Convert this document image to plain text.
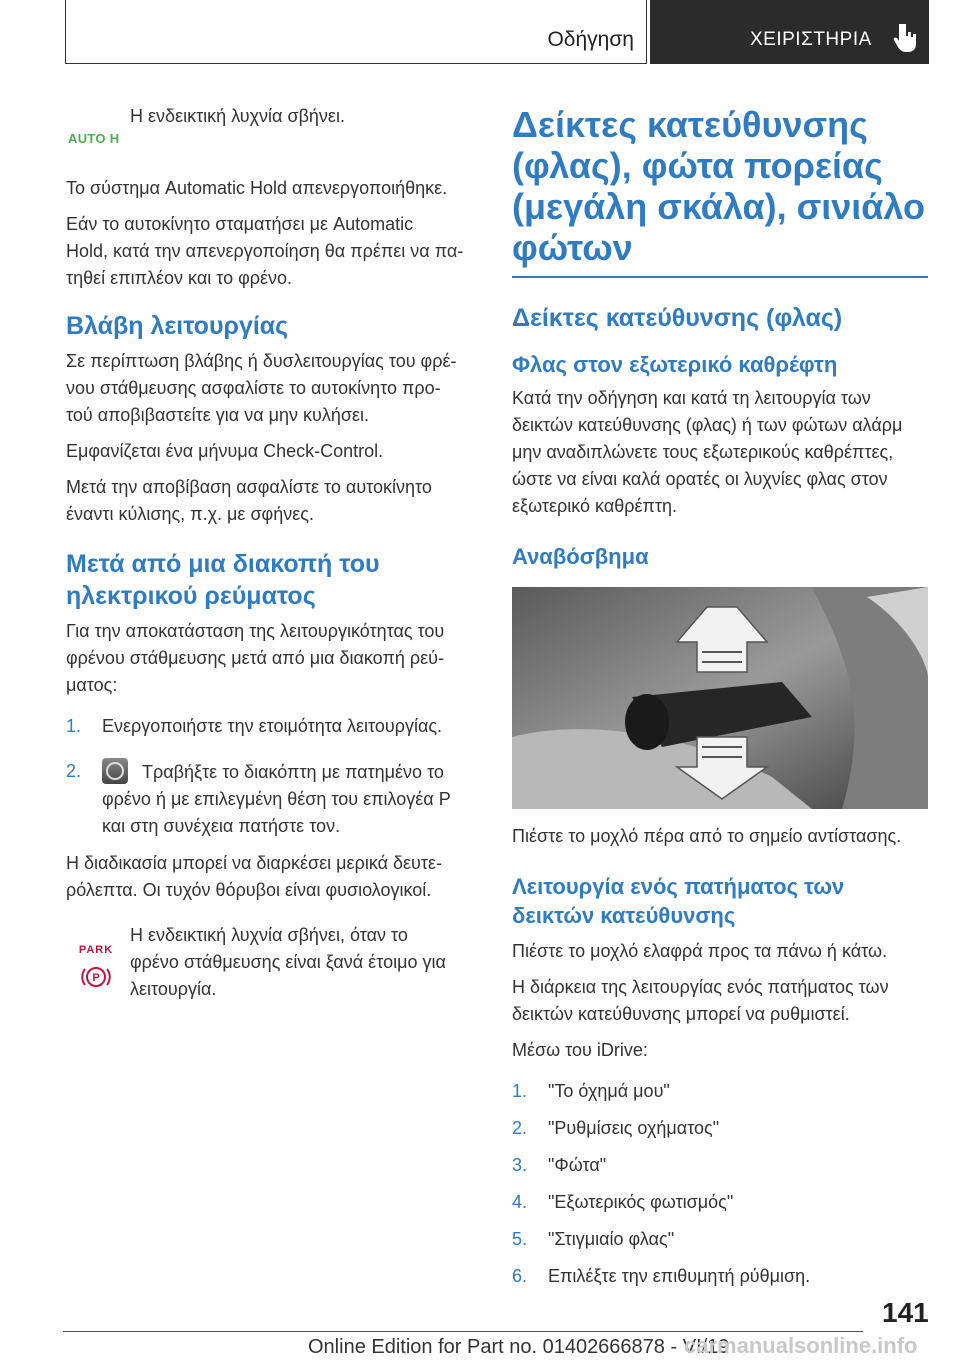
Οδήγηση	ΧΕΙΡΙΣΤΗΡΙΑ
AUTO H
Η ενδεικτική λυχνία σβήνει.

Το σύστημα Automatic Hold απενεργοποιήθηκε.

Εάν το αυτοκίνητο σταματήσει με Automatic
Hold, κατά την απενεργοποίηση θα πρέπει να πα-
τηθεί επιπλέον και το φρένο.

Βλάβη λειτουργίας

Σε περίπτωση βλάβης ή δυσλειτουργίας του φρέ-
νου στάθμευσης ασφαλίστε το αυτοκίνητο προ-
τού αποβιβαστείτε για να μην κυλήσει.

Εμφανίζεται ένα μήνυμα Check-Control.

Μετά την αποβίβαση ασφαλίστε το αυτοκίνητο
έναντι κύλισης, π.χ. με σφήνες.

Μετά από μια διακοπή του
ηλεκτρικού ρεύματος

Για την αποκατάσταση της λειτουργικότητας του
φρένου στάθμευσης μετά από μια διακοπή ρεύ-
ματος:

1. Ενεργοποιήστε την ετοιμότητα λειτουργίας.
2.	Τραβήξτε το διακόπτη με πατημένο το
φρένο ή με επιλεγμένη θέση του επιλογέα P
και στη συνέχεια πατήστε τον.

Η διαδικασία μπορεί να διαρκέσει μερικά δευτε-
ρόλεπτα. Οι τυχόν θόρυβοι είναι φυσιολογικοί.

PARK
P
Η ενδεικτική λυχνία σβήνει, όταν το
φρένο στάθμευσης είναι ξανά έτοιμο για
λειτουργία.
Δείκτες κατεύθυνσης
(φλας), φώτα πορείας
(μεγάλη σκάλα), σινιάλο
φώτων
Δείκτες κατεύθυνσης (φλας)
Φλας στον εξωτερικό καθρέφτη

Κατά την οδήγηση και κατά τη λειτουργία των
δεικτών κατεύθυνσης (φλας) ή των φώτων αλάρμ
μην αναδιπλώνετε τους εξωτερικούς καθρέπτες,
ώστε να είναι καλά ορατές οι λυχνίες φλας στον
εξωτερικό καθρέπτη.

Αναβόσβημα

Πιέστε το μοχλό πέρα από το σημείο αντίστασης.

Λειτουργία ενός πατήματος των
δεικτών κατεύθυνσης

Πιέστε το μοχλό ελαφρά προς τα πάνω ή κάτω.

Η διάρκεια της λειτουργίας ενός πατήματος των
δεικτών κατεύθυνσης μπορεί να ρυθμιστεί.

Μέσω του iDrive:

1. "Το όχημά μου"
2. "Ρυθμίσεις οχήματος"
3. "Φώτα"
4. "Εξωτερικός φωτισμός"
5. "Στιγμιαίο φλας"
6. Επιλέξτε την επιθυμητή ρύθμιση.
141
Online Edition for Part no. 01402666878 - VI/19
carmanualsonline.info
